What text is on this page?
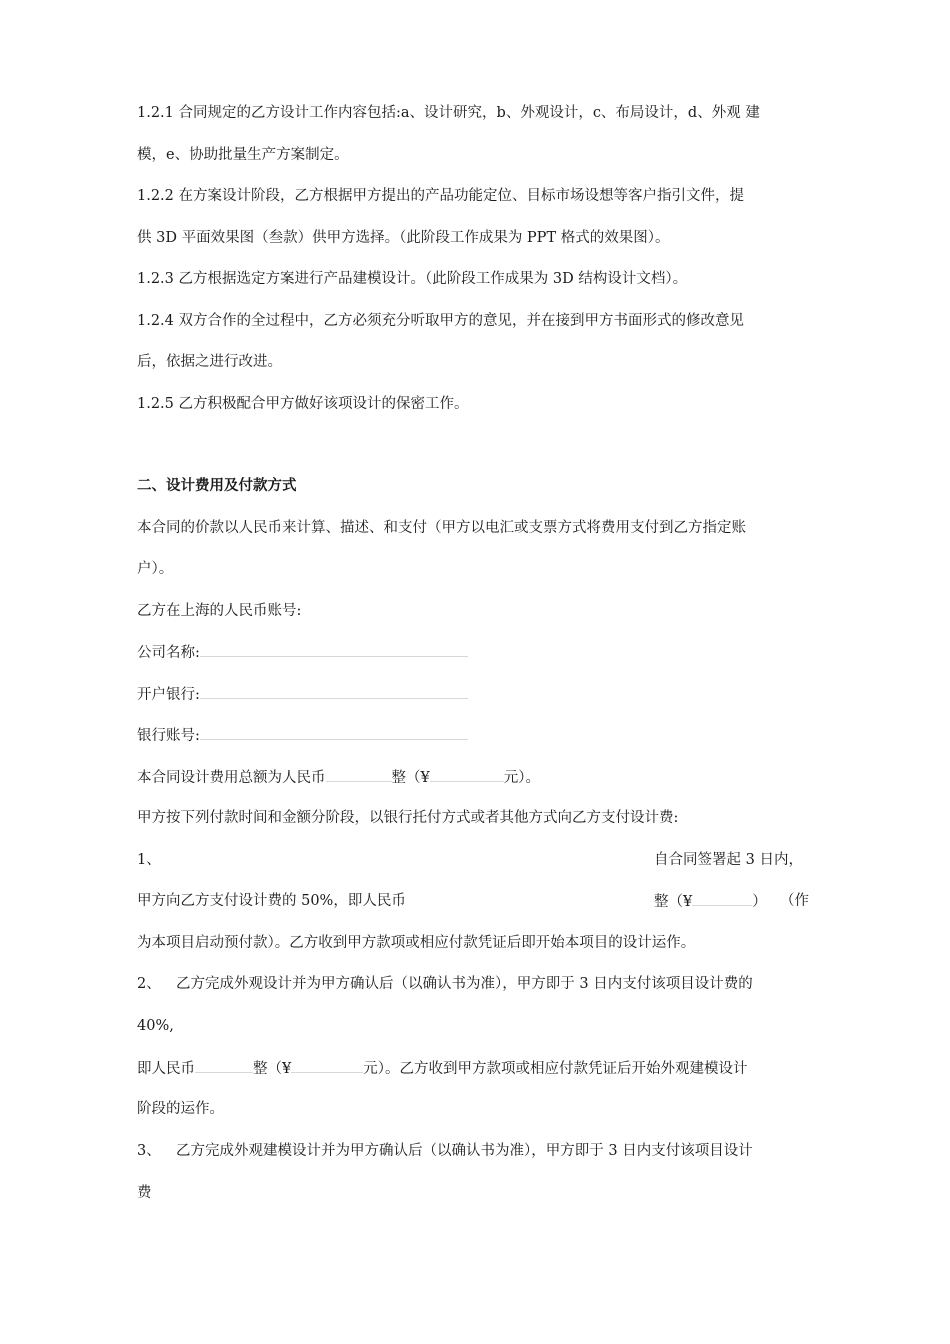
1.2.1 合同规定的乙方设计工作内容包括:a、设计研究，b、外观设计，c、布局设计，d、外观 建
模，e、协助批量生产方案制定。
1.2.2 在方案设计阶段，乙方根据甲方提出的产品功能定位、目标市场设想等客户指引文件，提
供 3D 平面效果图（叁款）供甲方选择。（此阶段工作成果为 PPT 格式的效果图）。
1.2.3 乙方根据选定方案进行产品建模设计。（此阶段工作成果为 3D 结构设计文档）。
1.2.4 双方合作的全过程中，乙方必须充分听取甲方的意见，并在接到甲方书面形式的修改意见
后，依据之进行改进。
1.2.5 乙方积极配合甲方做好该项设计的保密工作。
二、设计费用及付款方式
本合同的价款以人民币来计算、描述、和支付（甲方以电汇或支票方式将费用支付到乙方指定账
户）。
乙方在上海的人民币账号:
公司名称:
开户银行:
银行账号:
本合同设计费用总额为人民币	整（¥	元）。
甲方按下列付款时间和金额分阶段，以银行托付方式或者其他方式向乙方支付设计费:
1、	自合同签署起 3 日内，
甲方向乙方支付设计费的 50%，即人民币	整（¥	） （作
为本项目启动预付款）。乙方收到甲方款项或相应付款凭证后即开始本项目的设计运作。
2、 乙方完成外观设计并为甲方确认后（以确认书为准），甲方即于 3 日内支付该项目设计费的
40%,
即人民币	整（¥	元）。乙方收到甲方款项或相应付款凭证后开始外观建模设计
阶段的运作。
3、 乙方完成外观建模设计并为甲方确认后（以确认书为准），甲方即于 3 日内支付该项目设计
费
